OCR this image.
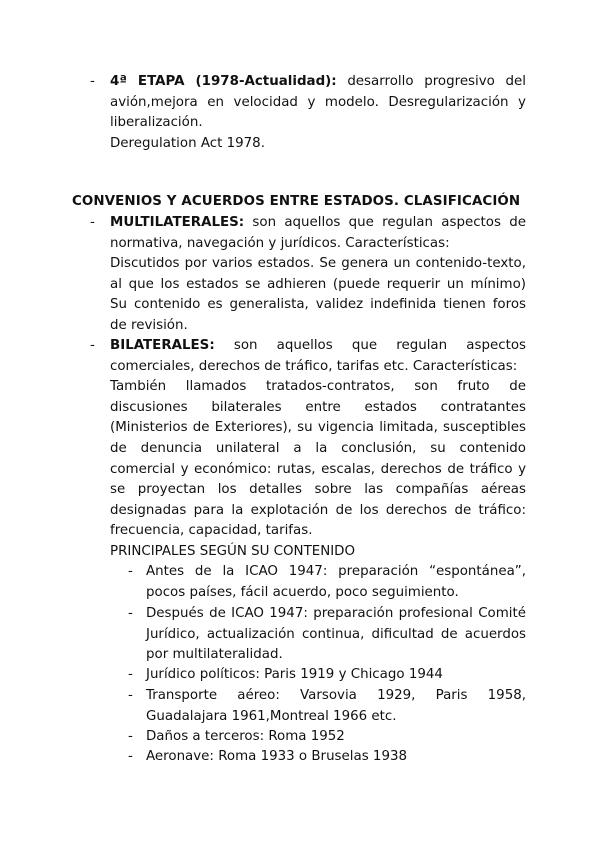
- 4ª ETAPA (1978-Actualidad): desarrollo progresivo del
avión,mejora en velocidad y modelo. Desregularización y
liberalización.
Deregulation Act 1978.
CONVENIOS Y ACUERDOS ENTRE ESTADOS. CLASIFICACIÓN
- MULTILATERALES: son aquellos que regulan aspectos de
normativa, navegación y jurídicos. Características:
Discutidos por varios estados. Se genera un contenido-texto,
al que los estados se adhieren (puede requerir un mínimo)
Su contenido es generalista, validez indefinida tienen foros
de revisión.
- BILATERALES: son aquellos que regulan aspectos
comerciales, derechos de tráfico, tarifas etc. Características:
También llamados tratados-contratos, son fruto de
discusiones bilaterales entre estados contratantes
(Ministerios de Exteriores), su vigencia limitada, susceptibles
de denuncia unilateral a la conclusión, su contenido
comercial y económico: rutas, escalas, derechos de tráfico y
se proyectan los detalles sobre las compañías aéreas
designadas para la explotación de los derechos de tráfico:
frecuencia, capacidad, tarifas.
PRINCIPALES SEGÚN SU CONTENIDO
- Antes de la ICAO 1947: preparación “espontánea”,
pocos países, fácil acuerdo, poco seguimiento.
- Después de ICAO 1947: preparación profesional Comité
Jurídico, actualización continua, dificultad de acuerdos
por multilateralidad.
- Jurídico políticos: Paris 1919 y Chicago 1944
- Transporte aéreo: Varsovia 1929, Paris 1958,
Guadalajara 1961,Montreal 1966 etc.
- Daños a terceros: Roma 1952
- Aeronave: Roma 1933 o Bruselas 1938
